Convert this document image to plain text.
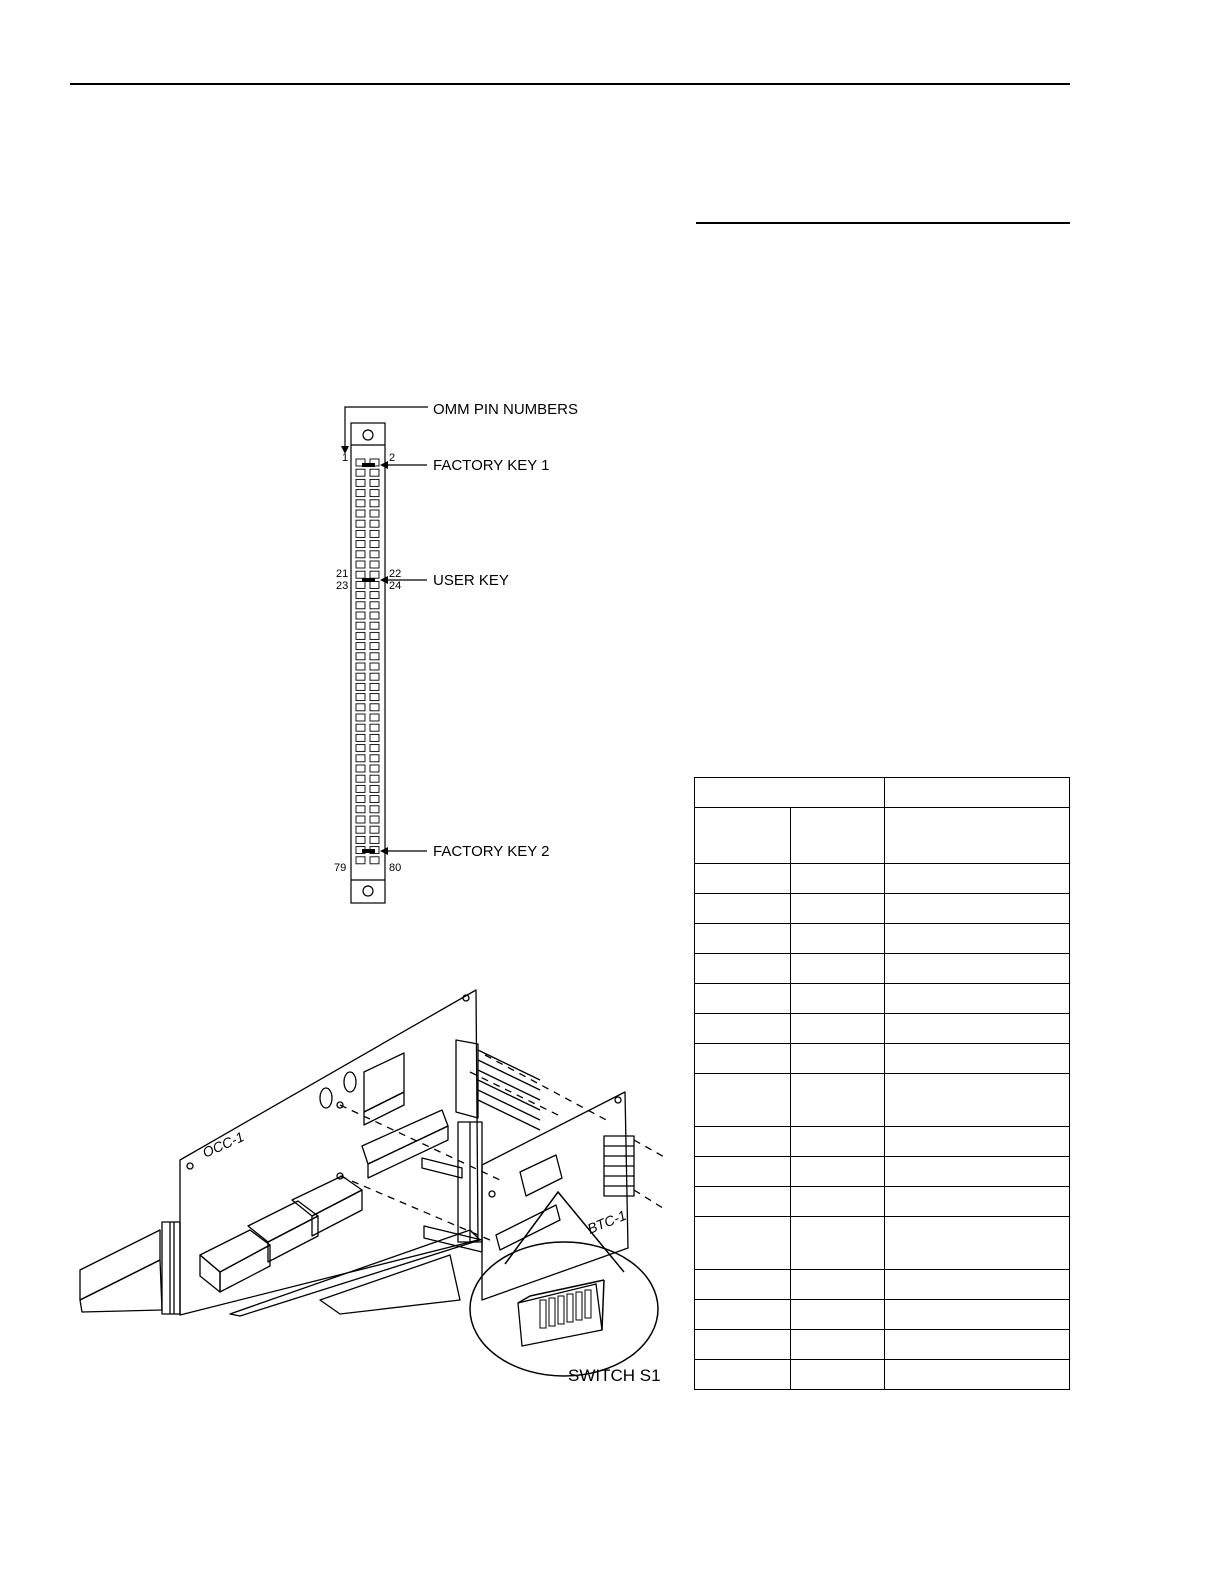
OMM PIN NUMBERS
FACTORY KEY 1
USER KEY
FACTORY KEY 2
1	2
21	22
23	24
79	80
OCC-1
BTC-1
SWITCH S1
